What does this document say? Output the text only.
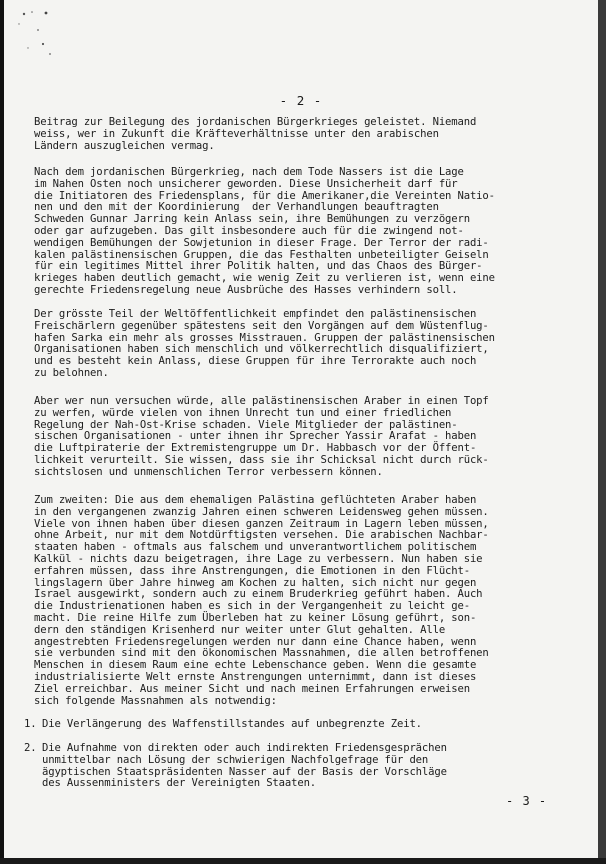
- 2 -
Beitrag zur Beilegung des jordanischen Bürgerkrieges geleistet. Niemand
weiss, wer in Zukunft die Kräfteverhältnisse unter den arabischen
Ländern auszugleichen vermag.
Nach dem jordanischen Bürgerkrieg, nach dem Tode Nassers ist die Lage
im Nahen Osten noch unsicherer geworden. Diese Unsicherheit darf für
die Initiatoren des Friedensplans, für die Amerikaner,die Vereinten Natio-
nen und den mit der Koordinierung  der Verhandlungen beauftragten
Schweden Gunnar Jarring kein Anlass sein, ihre Bemühungen zu verzögern
oder gar aufzugeben. Das gilt insbesondere auch für die zwingend not-
wendigen Bemühungen der Sowjetunion in dieser Frage. Der Terror der radi-
kalen palästinensischen Gruppen, die das Festhalten unbeteiligter Geiseln
für ein legitimes Mittel ihrer Politik halten, und das Chaos des Bürger-
krieges haben deutlich gemacht, wie wenig Zeit zu verlieren ist, wenn eine
gerechte Friedensregelung neue Ausbrüche des Hasses verhindern soll.
Der grösste Teil der Weltöffentlichkeit empfindet den palästinensischen
Freischärlern gegenüber spätestens seit den Vorgängen auf dem Wüstenflug-
hafen Sarka ein mehr als grosses Misstrauen. Gruppen der palästinensischen
Organisationen haben sich menschlich und völkerrechtlich disqualifiziert,
und es besteht kein Anlass, diese Gruppen für ihre Terrorakte auch noch
zu belohnen.
Aber wer nun versuchen würde, alle palästinensischen Araber in einen Topf
zu werfen, würde vielen von ihnen Unrecht tun und einer friedlichen
Regelung der Nah-Ost-Krise schaden. Viele Mitglieder der palästinen-
sischen Organisationen - unter ihnen ihr Sprecher Yassir Arafat - haben
die Luftpiraterie der Extremistengruppe um Dr. Habbasch vor der Öffent-
lichkeit verurteilt. Sie wissen, dass sie ihr Schicksal nicht durch rück-
sichtslosen und unmenschlichen Terror verbessern können.
Zum zweiten: Die aus dem ehemaligen Palästina geflüchteten Araber haben
in den vergangenen zwanzig Jahren einen schweren Leidensweg gehen müssen.
Viele von ihnen haben über diesen ganzen Zeitraum in Lagern leben müssen,
ohne Arbeit, nur mit dem Notdürftigsten versehen. Die arabischen Nachbar-
staaten haben - oftmals aus falschem und unverantwortlichem politischem
Kalkül - nichts dazu beigetragen, ihre Lage zu verbessern. Nun haben sie
erfahren müssen, dass ihre Anstrengungen, die Emotionen in den Flücht-
lingslagern über Jahre hinweg am Kochen zu halten, sich nicht nur gegen
Israel ausgewirkt, sondern auch zu einem Bruderkrieg geführt haben. Auch
die Industrienationen haben es sich in der Vergangenheit zu leicht ge-
macht. Die reine Hilfe zum Überleben hat zu keiner Lösung geführt, son-
dern den ständigen Krisenherd nur weiter unter Glut gehalten. Alle
angestrebten Friedensregelungen werden nur dann eine Chance haben, wenn
sie verbunden sind mit den ökonomischen Massnahmen, die allen betroffenen
Menschen in diesem Raum eine echte Lebenschance geben. Wenn die gesamte
industrialisierte Welt ernste Anstrengungen unternimmt, dann ist dieses
Ziel erreichbar. Aus meiner Sicht und nach meinen Erfahrungen erweisen
sich folgende Massnahmen als notwendig:
1. Die Verlängerung des Waffenstillstandes auf unbegrenzte Zeit.
2. Die Aufnahme von direkten oder auch indirekten Friedensgesprächen
unmittelbar nach Lösung der schwierigen Nachfolgefrage für den
ägyptischen Staatspräsidenten Nasser auf der Basis der Vorschläge
des Aussenministers der Vereinigten Staaten.
- 3 -
